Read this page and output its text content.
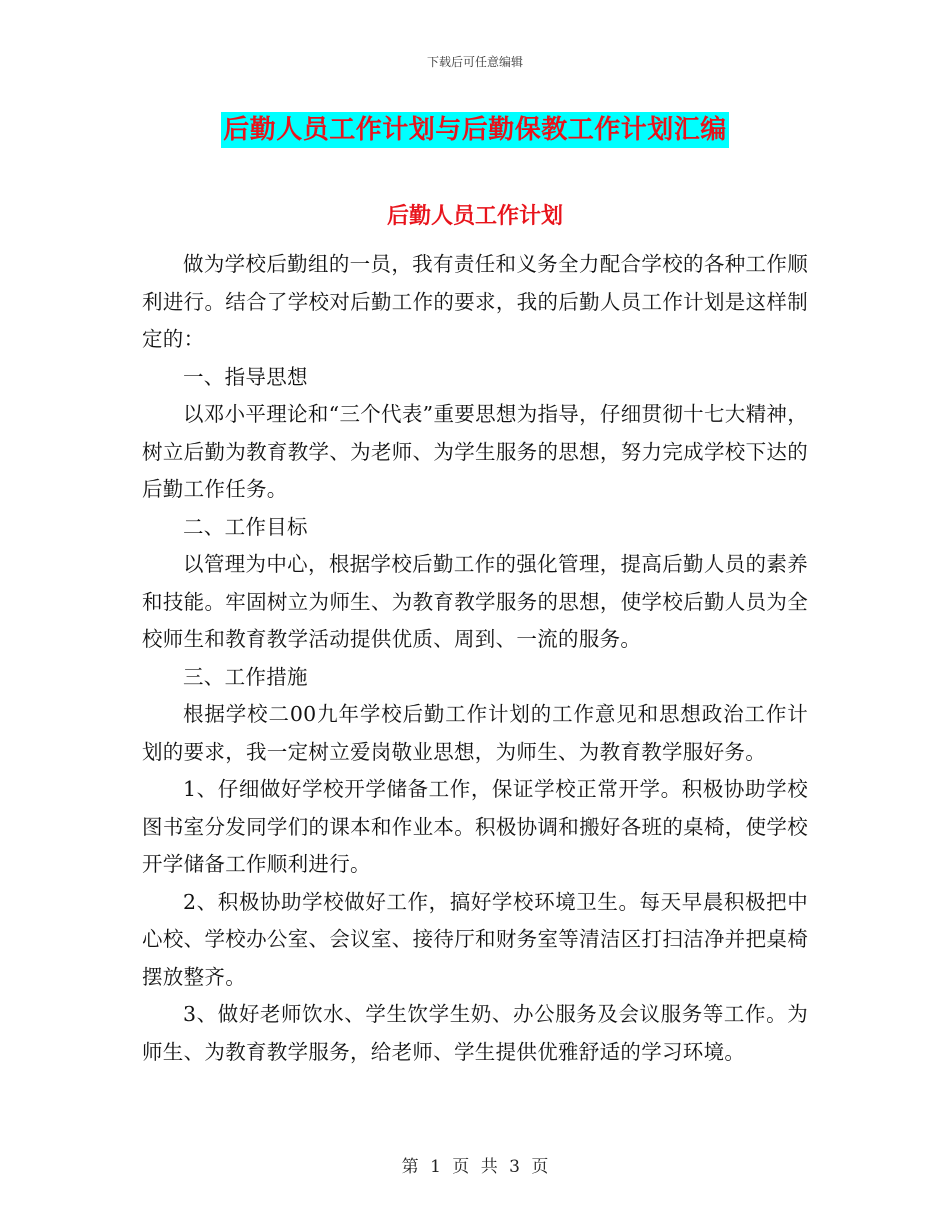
下载后可任意编辑
后勤人员工作计划与后勤保教工作计划汇编
后勤人员工作计划

做为学校后勤组的一员，我有责任和义务全力配合学校的各种工作顺利进行。结合了学校对后勤工作的要求，我的后勤人员工作计划是这样制定的：

一、指导思想

以邓小平理论和“三个代表”重要思想为指导，仔细贯彻十七大精神，树立后勤为教育教学、为老师、为学生服务的思想，努力完成学校下达的后勤工作任务。

二、工作目标

以管理为中心，根据学校后勤工作的强化管理，提高后勤人员的素养和技能。牢固树立为师生、为教育教学服务的思想，使学校后勤人员为全校师生和教育教学活动提供优质、周到、一流的服务。

三、工作措施

根据学校二00九年学校后勤工作计划的工作意见和思想政治工作计划的要求，我一定树立爱岗敬业思想，为师生、为教育教学服好务。

1、仔细做好学校开学储备工作，保证学校正常开学。积极协助学校图书室分发同学们的课本和作业本。积极协调和搬好各班的桌椅，使学校开学储备工作顺利进行。

2、积极协助学校做好工作，搞好学校环境卫生。每天早晨积极把中心校、学校办公室、会议室、接待厅和财务室等清洁区打扫洁净并把桌椅摆放整齐。

3、做好老师饮水、学生饮学生奶、办公服务及会议服务等工作。为师生、为教育教学服务，给老师、学生提供优雅舒适的学习环境。

第 1 页 共 3 页
